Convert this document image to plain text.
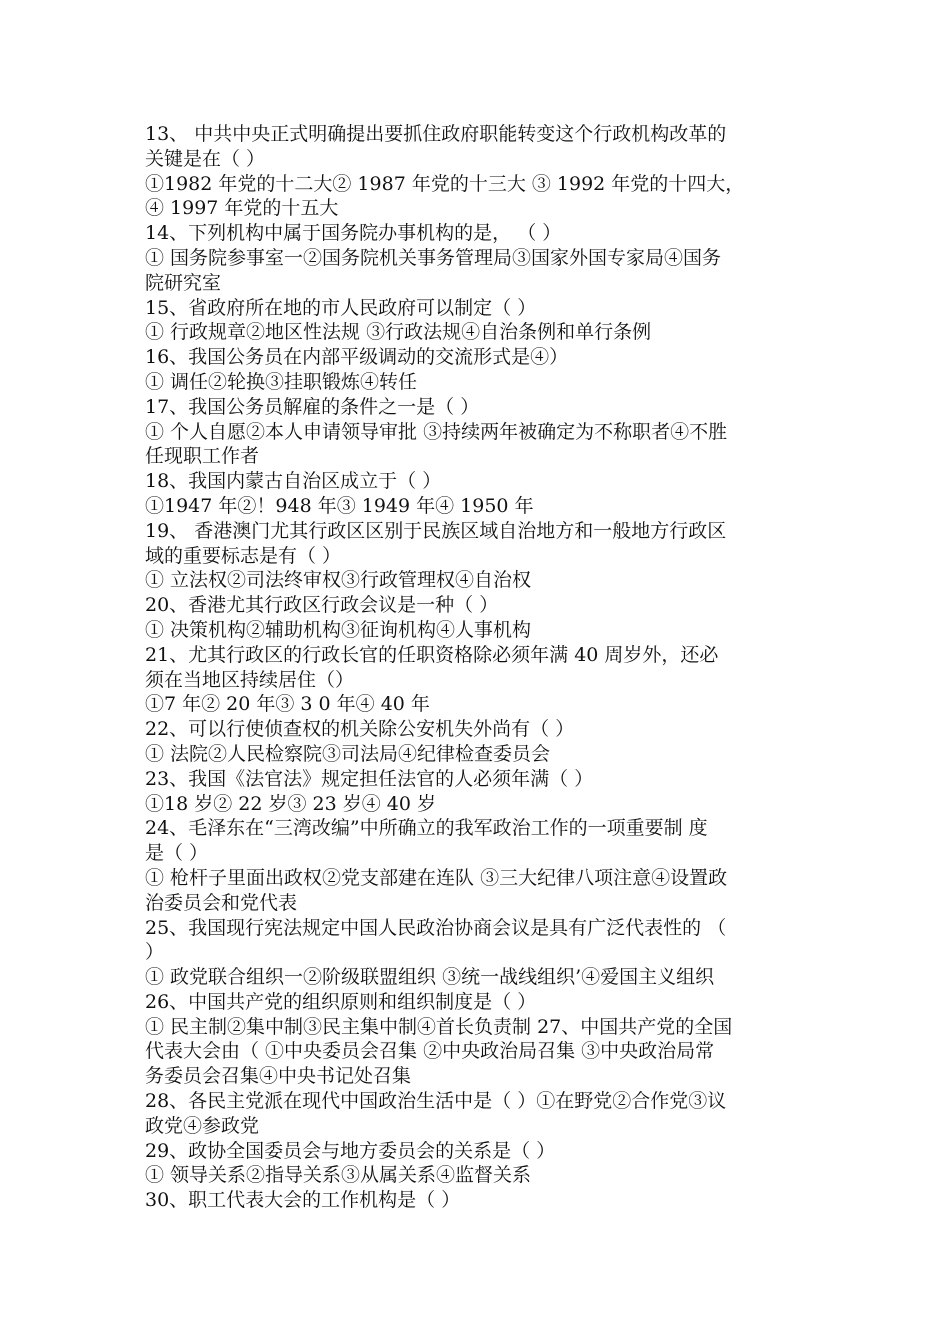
13、 中共中央正式明确提出要抓住政府职能转变这个行政机构改革的
关键是在（ ）
①1982 年党的十二大② 1987 年党的十三大 ③ 1992 年党的十四大，
④ 1997 年党的十五大
14、下列机构中属于国务院办事机构的是， （ ）
① 国务院参事室一②国务院机关事务管理局③国家外国专家局④国务
院研究室
15、省政府所在地的市人民政府可以制定（ ）
① 行政规章②地区性法规 ③行政法规④自治条例和单行条例
16、我国公务员在内部平级调动的交流形式是④）
① 调任②轮换③挂职锻炼④转任
17、我国公务员解雇的条件之一是（ ）
① 个人自愿②本人申请领导审批 ③持续两年被确定为不称职者④不胜
任现职工作者
18、我国内蒙古自治区成立于（ ）
①1947 年②！948 年③ 1949 年④ 1950 年
19、 香港澳门尤其行政区区别于民族区域自治地方和一般地方行政区
域的重要标志是有（ ）
① 立法权②司法终审权③行政管理权④自治权
20、香港尤其行政区行政会议是一种（ ）
① 决策机构②辅助机构③征询机构④人事机构
21、尤其行政区的行政长官的任职资格除必须年满 40 周岁外，还必
须在当地区持续居住（）
①7 年② 20 年③ 3 0 年④ 40 年
22、可以行使侦查权的机关除公安机失外尚有（ ）
① 法院②人民检察院③司法局④纪律检查委员会
23、我国《法官法》规定担任法官的人必须年满（ ）
①18 岁② 22 岁③ 23 岁④ 40 岁
24、毛泽东在“三湾改编”中所确立的我军政治工作的一项重要制 度
是（ ）
① 枪杆子里面出政权②党支部建在连队 ③三大纪律八项注意④设置政
治委员会和党代表
25、我国现行宪法规定中国人民政治协商会议是具有广泛代表性的 （
）
① 政党联合组织一②阶级联盟组织 ③统一战线组织’④爱国主义组织
26、中国共产党的组织原则和组织制度是（ ）
① 民主制②集中制③民主集中制④首长负责制 27、中国共产党的全国
代表大会由（ ①中央委员会召集 ②中央政治局召集 ③中央政治局常
务委员会召集④中央书记处召集
28、各民主党派在现代中国政治生活中是（ ）①在野党②合作党③议
政党④参政党
29、政协全国委员会与地方委员会的关系是（ ）
① 领导关系②指导关系③从属关系④监督关系
30、职工代表大会的工作机构是（ ）
